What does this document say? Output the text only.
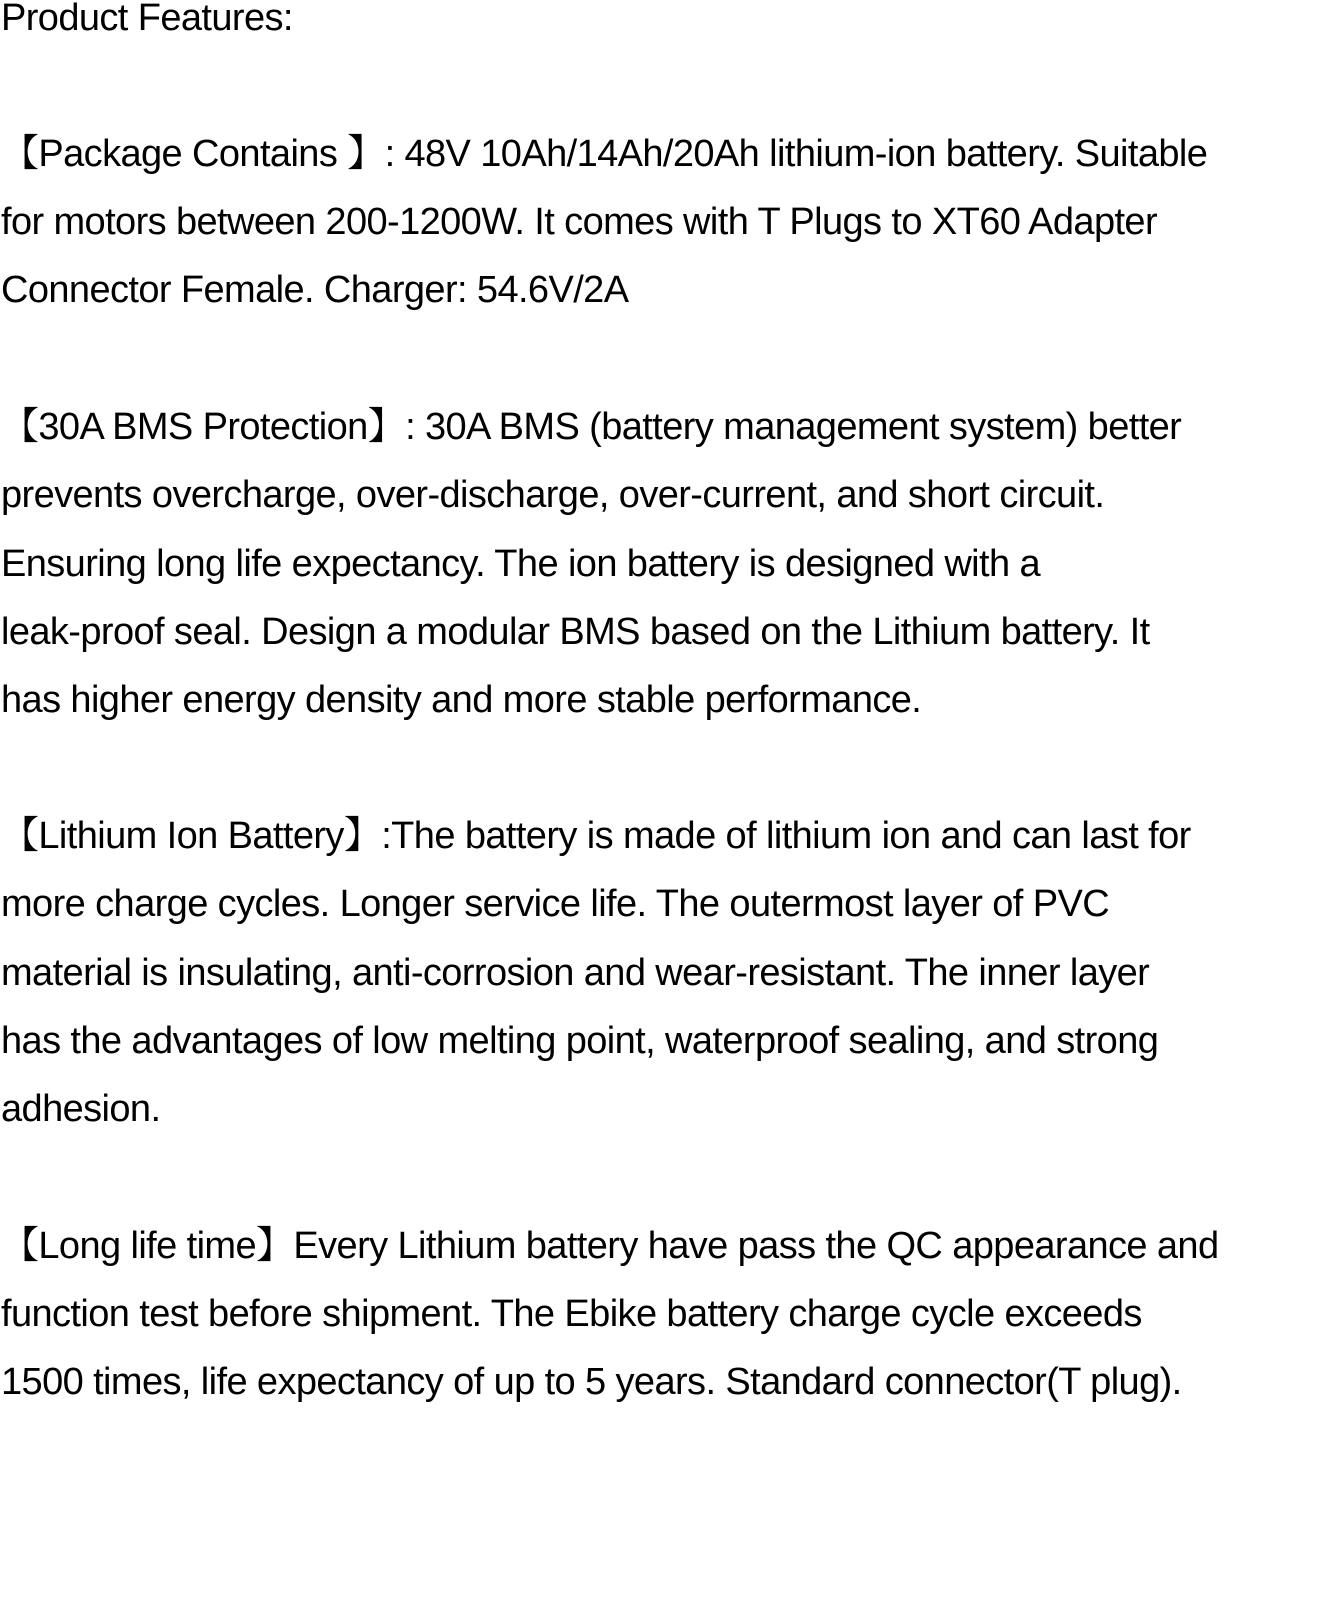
Product Features:

【Package Contains 】: 48V 10Ah/14Ah/20Ah lithium-ion battery. Suitable

for motors between 200-1200W. It comes with T Plugs to XT60 Adapter

Connector Female. Charger: 54.6V/2A

【30A BMS Protection】: 30A BMS (battery management system) better

prevents overcharge, over-discharge, over-current, and short circuit.

Ensuring long life expectancy. The ion battery is designed with a

leak-proof seal. Design a modular BMS based on the Lithium battery. It

has higher energy density and more stable performance.

【Lithium Ion Battery】:The battery is made of lithium ion and can last for

more charge cycles. Longer service life. The outermost layer of PVC

material is insulating, anti-corrosion and wear-resistant. The inner layer

has the advantages of low melting point, waterproof sealing, and strong

adhesion.

【Long life time】Every Lithium battery have pass the QC appearance and

function test before shipment. The Ebike battery charge cycle exceeds

1500 times, life expectancy of up to 5 years. Standard connector(T plug).
